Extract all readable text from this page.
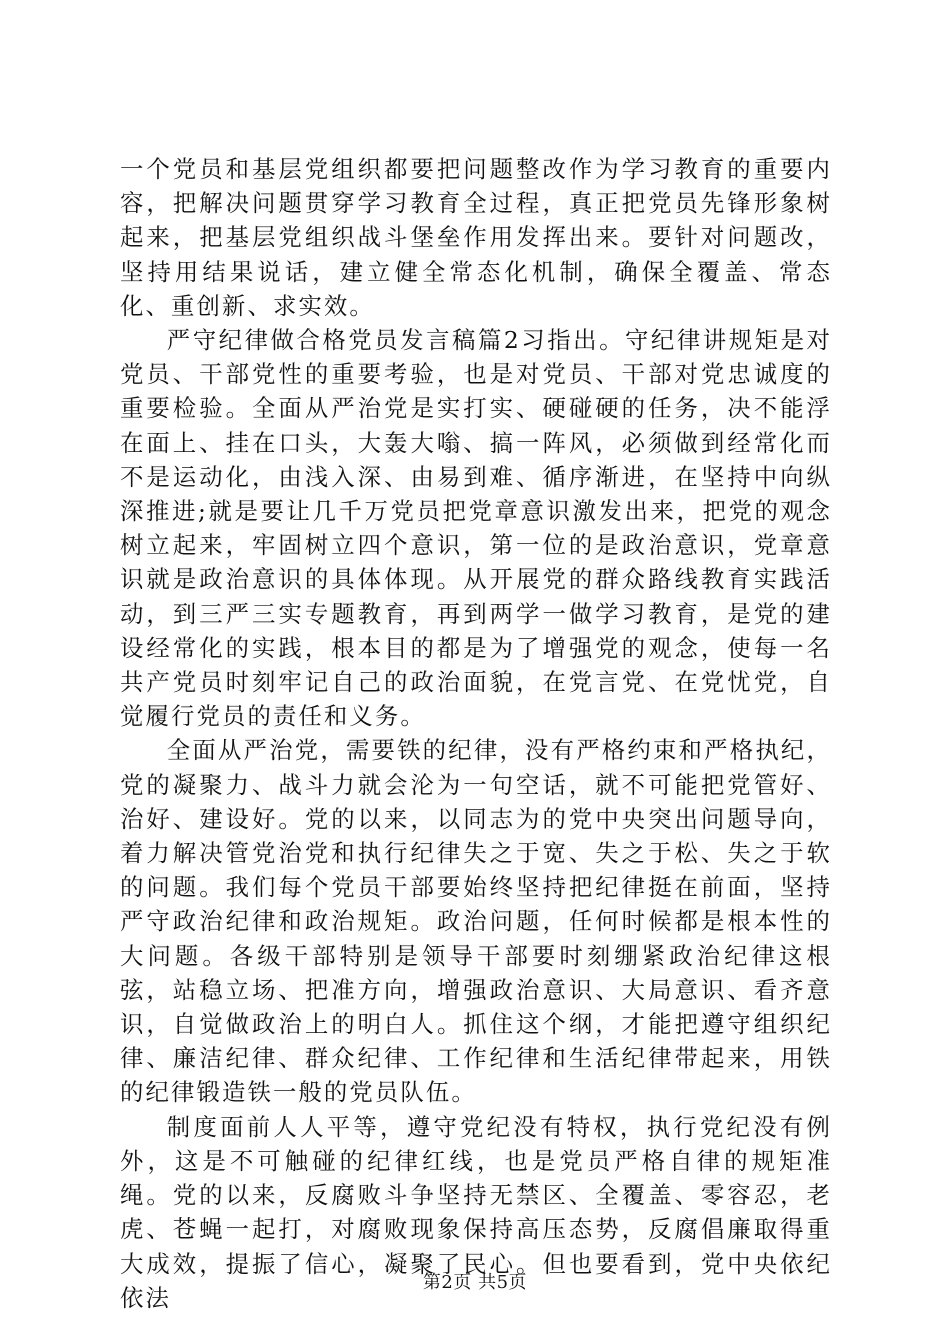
一个党员和基层党组织都要把问题整改作为学习教育的重要内容，把解决问题贯穿学习教育全过程，真正把党员先锋形象树起来，把基层党组织战斗堡垒作用发挥出来。要针对问题改，坚持用结果说话，建立健全常态化机制，确保全覆盖、常态化、重创新、求实效。

严守纪律做合格党员发言稿篇2习指出。守纪律讲规矩是对党员、干部党性的重要考验，也是对党员、干部对党忠诚度的重要检验。全面从严治党是实打实、硬碰硬的任务，决不能浮在面上、挂在口头，大轰大嗡、搞一阵风，必须做到经常化而不是运动化，由浅入深、由易到难、循序渐进，在坚持中向纵深推进;就是要让几千万党员把党章意识激发出来，把党的观念树立起来，牢固树立四个意识，第一位的是政治意识，党章意识就是政治意识的具体体现。从开展党的群众路线教育实践活动，到三严三实专题教育，再到两学一做学习教育，是党的建设经常化的实践，根本目的都是为了增强党的观念，使每一名共产党员时刻牢记自己的政治面貌，在党言党、在党忧党，自觉履行党员的责任和义务。

全面从严治党，需要铁的纪律，没有严格约束和严格执纪，党的凝聚力、战斗力就会沦为一句空话，就不可能把党管好、治好、建设好。党的以来，以同志为的党中央突出问题导向，着力解决管党治党和执行纪律失之于宽、失之于松、失之于软的问题。我们每个党员干部要始终坚持把纪律挺在前面，坚持严守政治纪律和政治规矩。政治问题，任何时候都是根本性的大问题。各级干部特别是领导干部要时刻绷紧政治纪律这根弦，站稳立场、把准方向，增强政治意识、大局意识、看齐意识，自觉做政治上的明白人。抓住这个纲，才能把遵守组织纪律、廉洁纪律、群众纪律、工作纪律和生活纪律带起来，用铁的纪律锻造铁一般的党员队伍。

制度面前人人平等，遵守党纪没有特权，执行党纪没有例外，这是不可触碰的纪律红线，也是党员严格自律的规矩准绳。党的以来，反腐败斗争坚持无禁区、全覆盖、零容忍，老虎、苍蝇一起打，对腐败现象保持高压态势，反腐倡廉取得重大成效，提振了信心，凝聚了民心。但也要看到，党中央依纪依法

第2页 共5页
